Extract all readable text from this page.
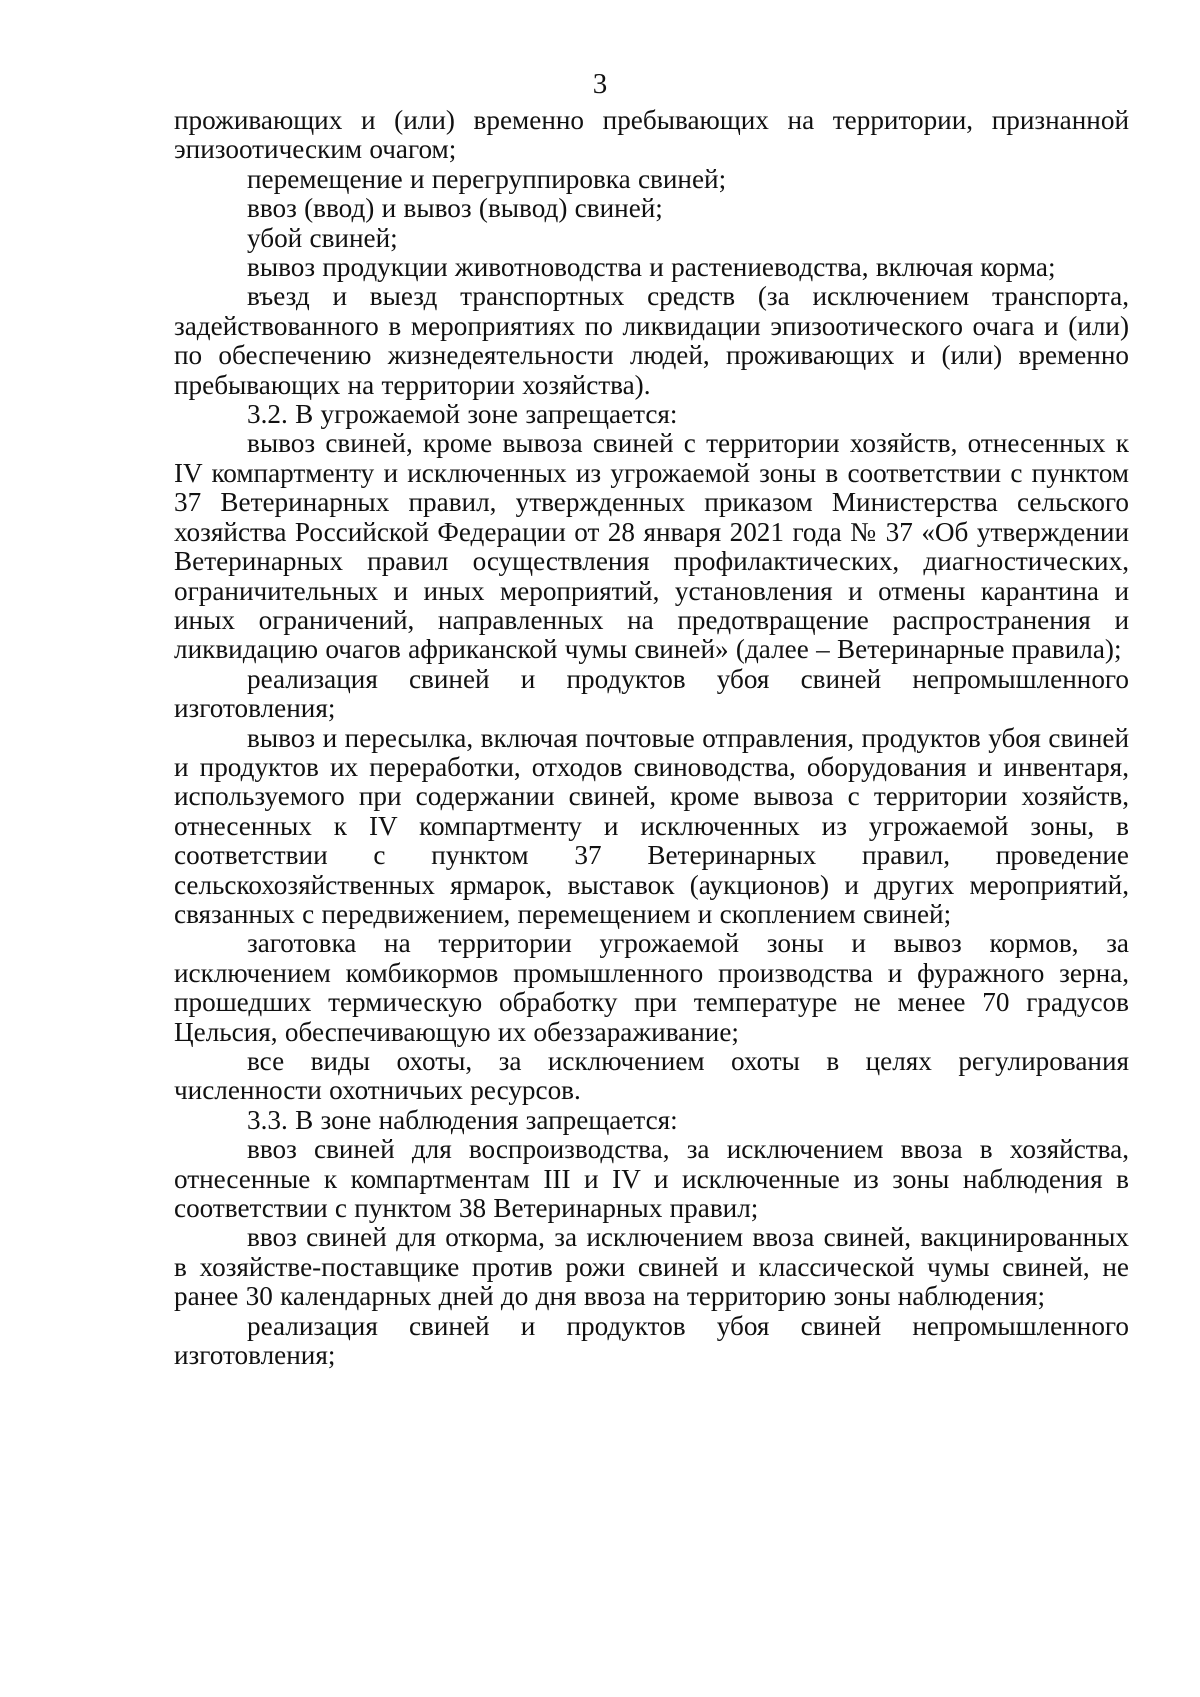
3

проживающих и (или) временно пребывающих на территории, признанной эпизоотическим очагом;

перемещение и перегруппировка свиней;

ввоз (ввод) и вывоз (вывод) свиней;

убой свиней;

вывоз продукции животноводства и растениеводства, включая корма;

въезд и выезд транспортных средств (за исключением транспорта, задействованного в мероприятиях по ликвидации эпизоотического очага и (или) по обеспечению жизнедеятельности людей, проживающих и (или) временно пребывающих на территории хозяйства).

3.2. В угрожаемой зоне запрещается:

вывоз свиней, кроме вывоза свиней с территории хозяйств, отнесенных к IV компартменту и исключенных из угрожаемой зоны в соответствии с пунктом 37 Ветеринарных правил, утвержденных приказом Министерства сельского хозяйства Российской Федерации от 28 января 2021 года № 37 «Об утверждении Ветеринарных правил осуществления профилактических, диагностических, ограничительных и иных мероприятий, установления и отмены карантина и иных ограничений, направленных на предотвращение распространения и ликвидацию очагов африканской чумы свиней» (далее – Ветеринарные правила);

реализация свиней и продуктов убоя свиней непромышленного изготовления;

вывоз и пересылка, включая почтовые отправления, продуктов убоя свиней и продуктов их переработки, отходов свиноводства, оборудования и инвентаря, используемого при содержании свиней, кроме вывоза с территории хозяйств, отнесенных к IV компартменту и исключенных из угрожаемой зоны, в соответствии с пунктом 37 Ветеринарных правил, проведение сельскохозяйственных ярмарок, выставок (аукционов) и других мероприятий, связанных с передвижением, перемещением и скоплением свиней;

заготовка на территории угрожаемой зоны и вывоз кормов, за исключением комбикормов промышленного производства и фуражного зерна, прошедших термическую обработку при температуре не менее 70 градусов Цельсия, обеспечивающую их обеззараживание;

все виды охоты, за исключением охоты в целях регулирования численности охотничьих ресурсов.

3.3. В зоне наблюдения запрещается:

ввоз свиней для воспроизводства, за исключением ввоза в хозяйства, отнесенные к компартментам III и IV и исключенные из зоны наблюдения в соответствии с пунктом 38 Ветеринарных правил;

ввоз свиней для откорма, за исключением ввоза свиней, вакцинированных в хозяйстве-поставщике против рожи свиней и классической чумы свиней, не ранее 30 календарных дней до дня ввоза на территорию зоны наблюдения;

реализация свиней и продуктов убоя свиней непромышленного изготовления;
